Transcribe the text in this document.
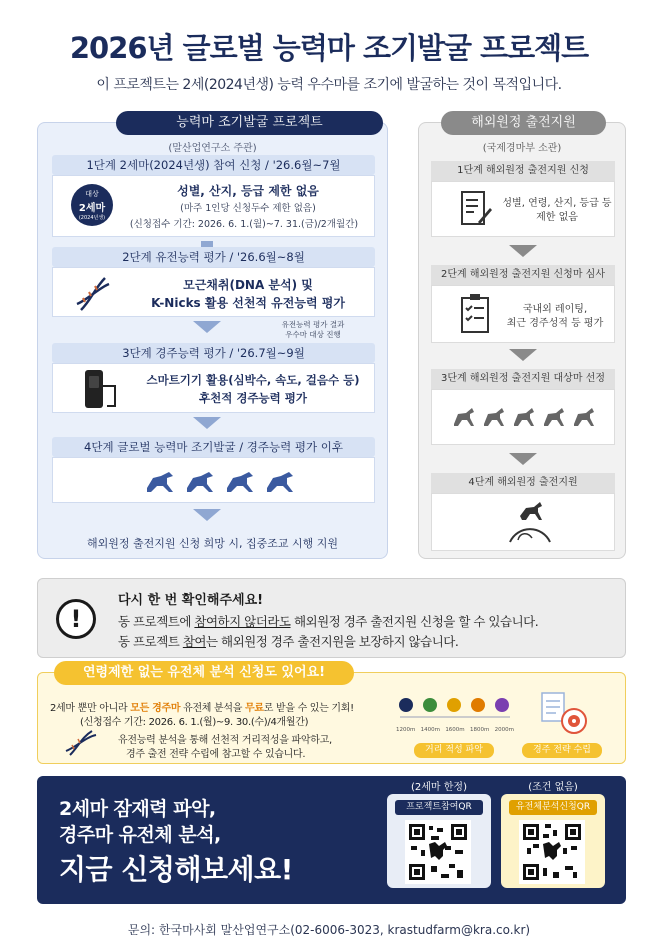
2026년 글로벌 능력마 조기발굴 프로젝트
이 프로젝트는 2세(2024년생) 능력 우수마를 조기에 발굴하는 것이 목적입니다.
능력마 조기발굴 프로젝트
(말산업연구소 주관)
1단계 2세마(2024년생) 참여 신청 / '26.6월~7월
대상
2세마
(2024년생)
성별, 산지, 등급 제한 없음
(마주 1인당 신청두수 제한 없음)
(신청접수 기간: 2026. 6. 1.(월)~7. 31.(금)/2개월간)
2단계 유전능력 평가 / '26.6월~8월
모근채취(DNA 분석) 및
K-Nicks 활용 선천적 유전능력 평가
유전능력 평가 결과
우수마 대상 진행
3단계 경주능력 평가 / '26.7월~9월
스마트기기 활용(심박수, 속도, 걸음수 등)
후천적 경주능력 평가
4단계 글로벌 능력마 조기발굴 / 경주능력 평가 이후
해외원정 출전지원 신청 희망 시, 집중조교 시행 지원
해외원정 출전지원
(국제경마부 소관)
1단계 해외원정 출전지원 신청
성별, 연령, 산지, 등급 등
제한 없음
2단계 해외원정 출전지원 신청마 심사
국내외 레이팅,
최근 경주성적 등 평가
3단계 해외원정 출전지원 대상마 선정
4단계 해외원정 출전지원
!
다시 한 번 확인해주세요!
동 프로젝트에 참여하지 않더라도 해외원정 경주 출전지원 신청을 할 수 있습니다.
동 프로젝트 참여는 해외원정 경주 출전지원을 보장하지 않습니다.
연령제한 없는 유전체 분석 신청도 있어요!
2세마 뿐만 아니라 모든 경주마 유전체 분석을 무료로 받을 수 있는 기회!
(신청접수 기간: 2026. 6. 1.(월)~9. 30.(수)/4개월간)
유전능력 분석을 통해 선천적 거리적성을 파악하고,
경주 출전 전략 수립에 참고할 수 있습니다.
1200m 1400m 1600m 1800m 2000m
거리 적성 파악	경주 전략 수립
2세마 잠재력 파악,
경주마 유전체 분석,
지금 신청해보세요!
(2세마 한정)
프로젝트참여QR
(조건 없음)
유전체분석신청QR
문의: 한국마사회 말산업연구소(02-6006-3023, krastudfarm@kra.co.kr)
